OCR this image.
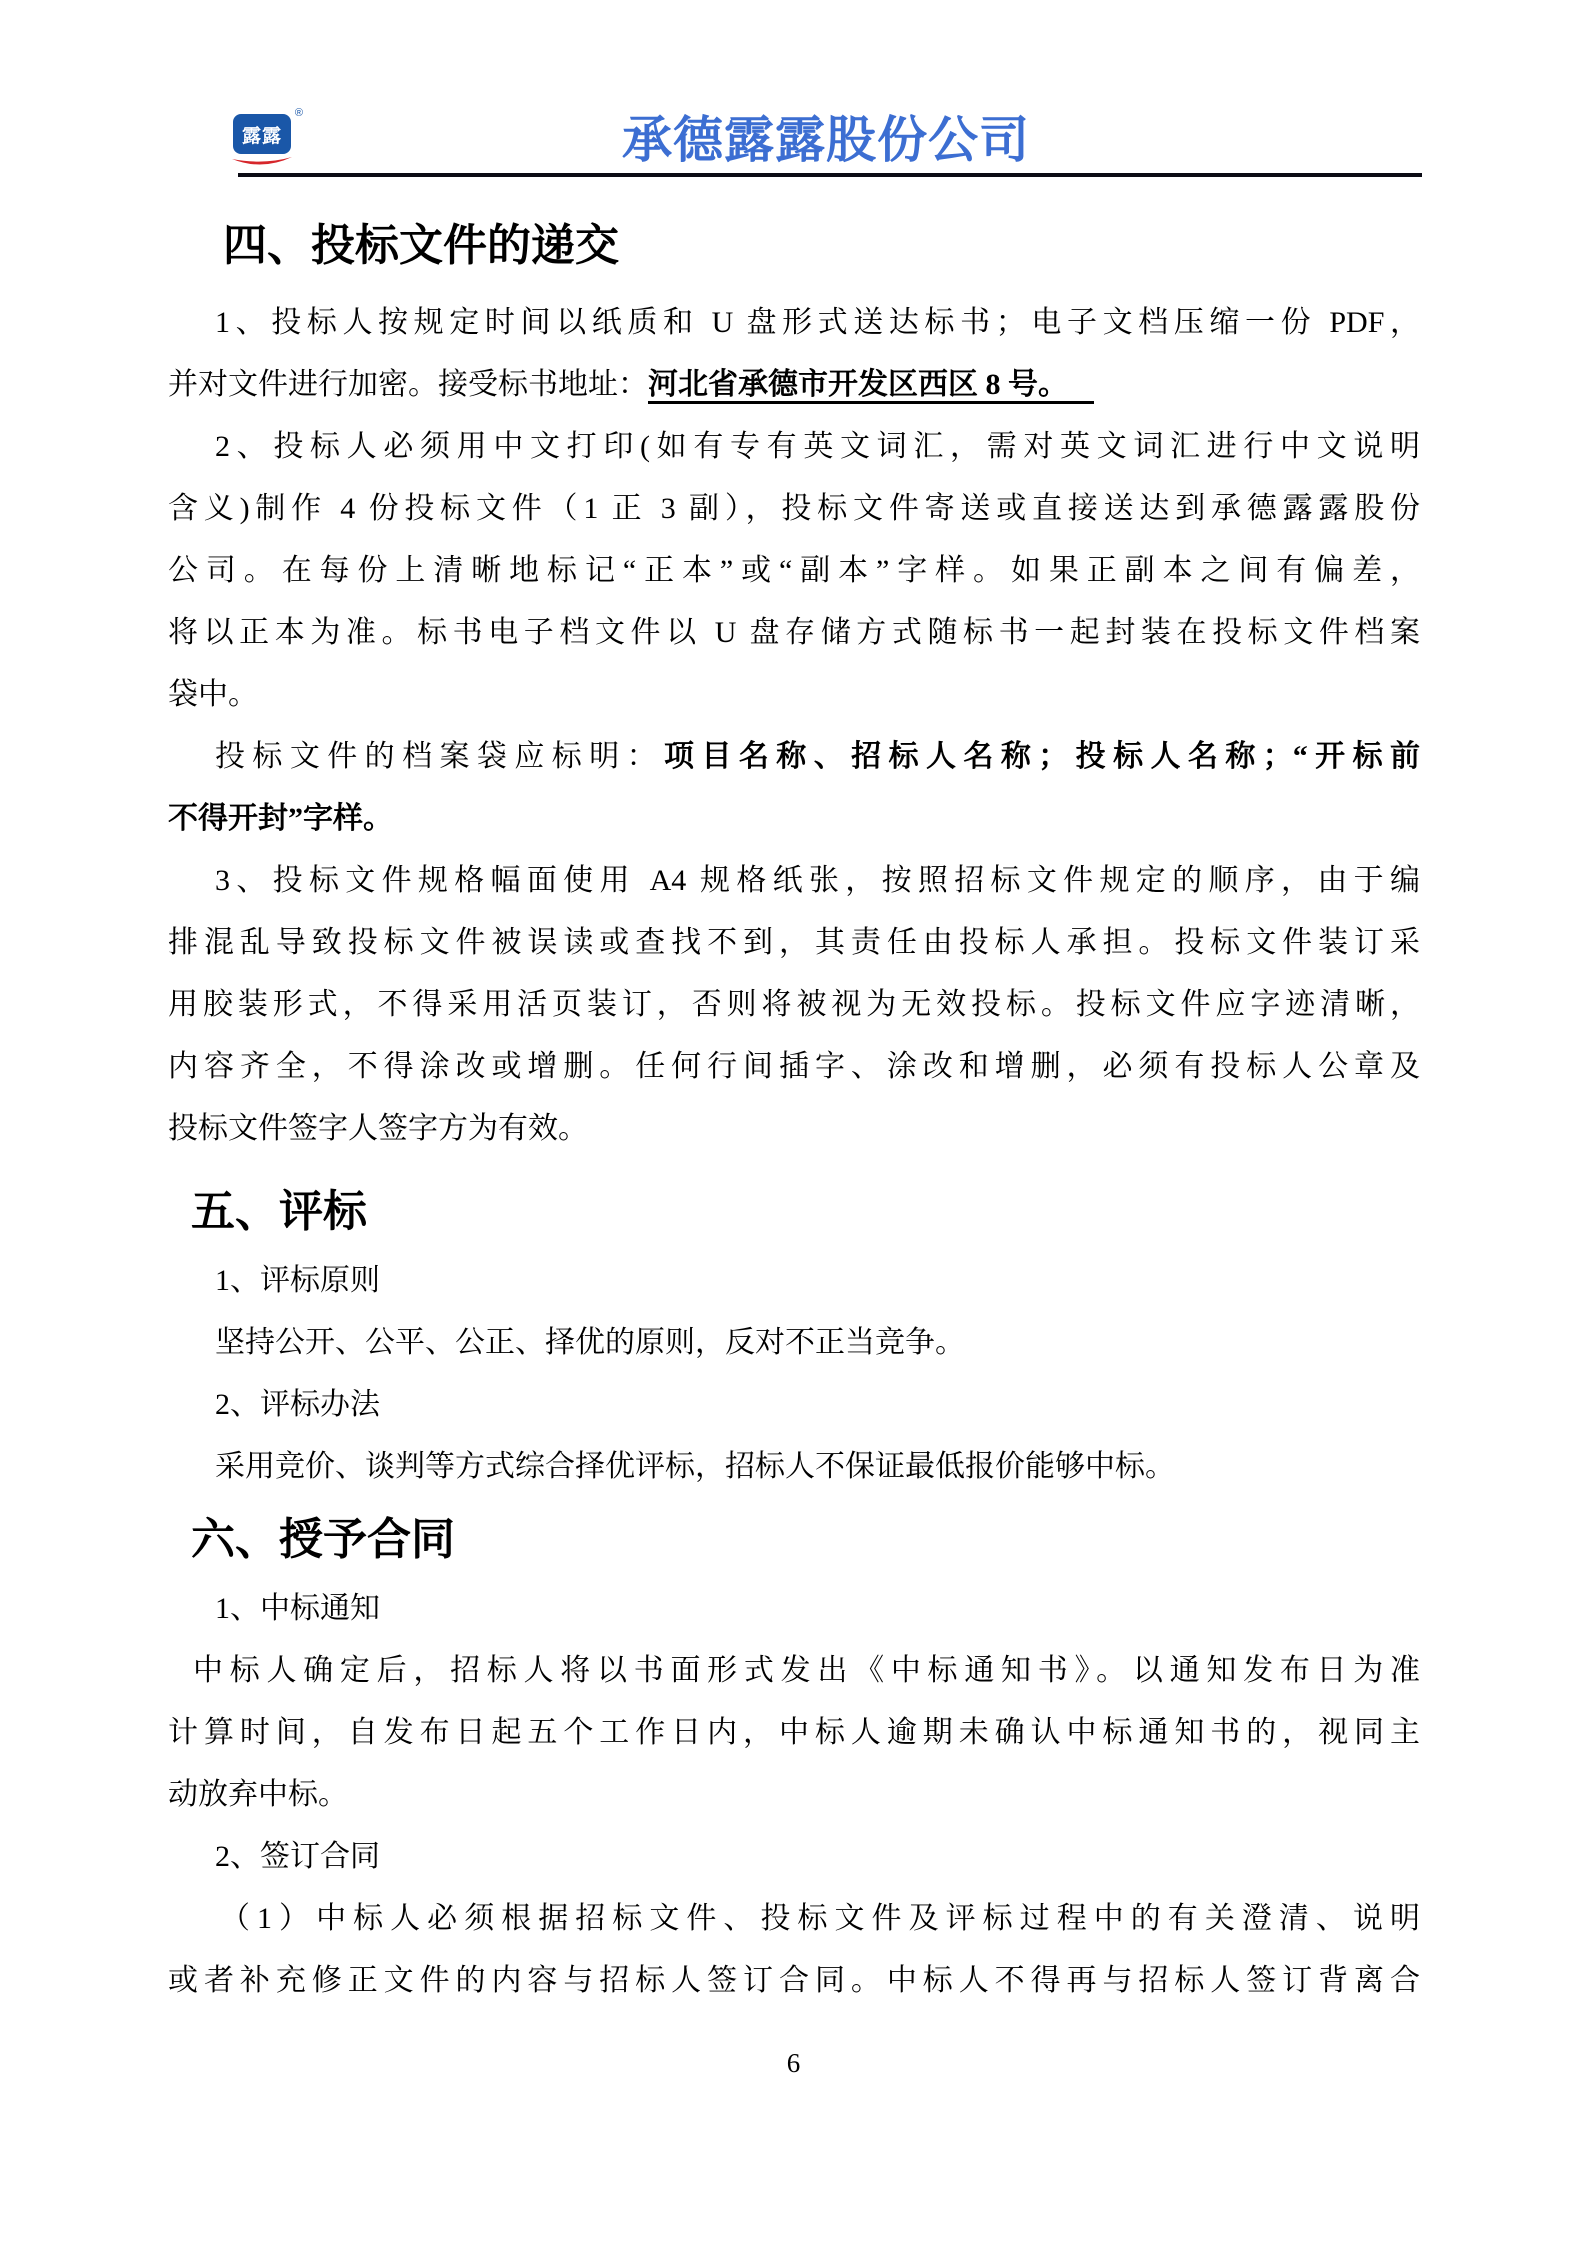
露露
®	承德露露股份公司
四、投标文件的递交
1、投标人按规定时间以纸质和 U 盘形式送达标书；电子文档压缩一份 PDF，
并对文件进行加密。接受标书地址：河北省承德市开发区西区 8 号。
2、投标人必须用中文打印(如有专有英文词汇，需对英文词汇进行中文说明
含义)制作 4 份投标文件（1 正 3 副），投标文件寄送或直接送达到承德露露股份
公司。在每份上清晰地标记“正本”或“副本”字样。如果正副本之间有偏差，
将以正本为准。标书电子档文件以 U 盘存储方式随标书一起封装在投标文件档案
袋中。
投标文件的档案袋应标明：项目名称、招标人名称；投标人名称；“开标前
不得开封”字样。
3、投标文件规格幅面使用 A4 规格纸张，按照招标文件规定的顺序，由于编
排混乱导致投标文件被误读或查找不到，其责任由投标人承担。投标文件装订采
用胶装形式，不得采用活页装订，否则将被视为无效投标。投标文件应字迹清晰，
内容齐全，不得涂改或增删。任何行间插字、涂改和增删，必须有投标人公章及
投标文件签字人签字方为有效。
五、评标
1、评标原则
坚持公开、公平、公正、择优的原则，反对不正当竞争。
2、评标办法
采用竞价、谈判等方式综合择优评标，招标人不保证最低报价能够中标。
六、授予合同
1、中标通知
中标人确定后，招标人将以书面形式发出《中标通知书》。以通知发布日为准
计算时间，自发布日起五个工作日内，中标人逾期未确认中标通知书的，视同主
动放弃中标。
2、签订合同
（1）中标人必须根据招标文件、投标文件及评标过程中的有关澄清、说明
或者补充修正文件的内容与招标人签订合同。中标人不得再与招标人签订背离合
6
